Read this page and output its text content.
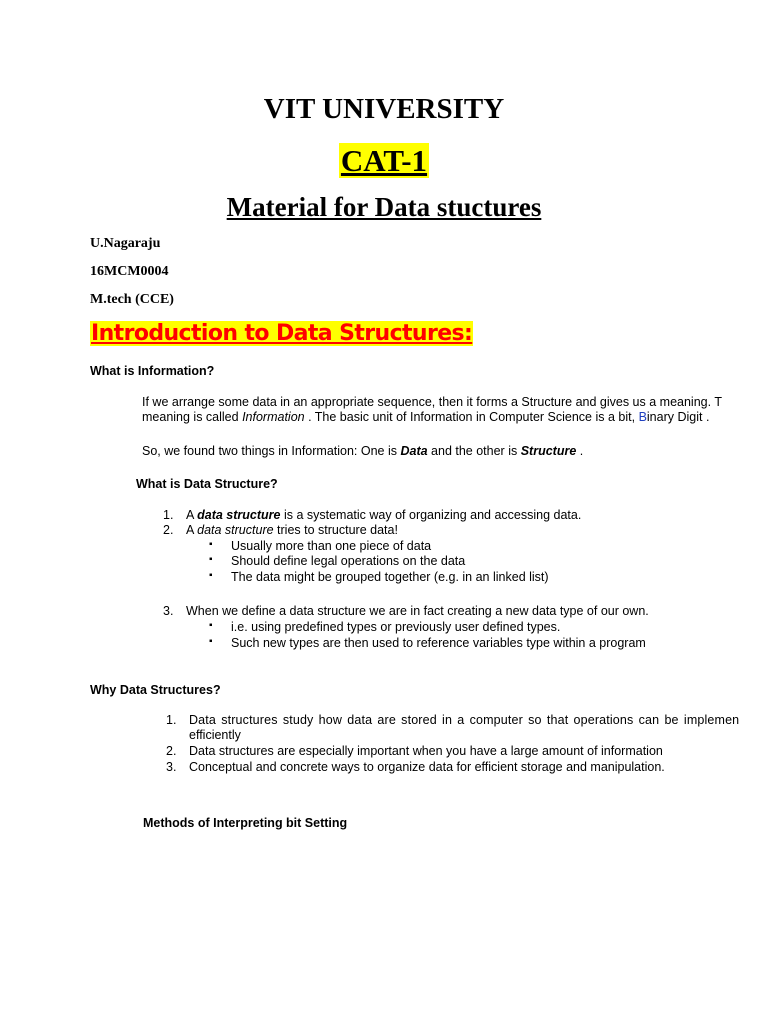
VIT UNIVERSITY
CAT-1
Material for Data stuctures
U.Nagaraju
16MCM0004
M.tech (CCE)
Introduction to Data Structures:
What is Information?
If we arrange some data in an appropriate sequence, then it forms a Structure and gives us a meaning. T
meaning is called Information . The basic unit of Information in Computer Science is a bit, Binary Digit .
So, we found two things in Information: One is Data and the other is Structure .
What is Data Structure?
1. A data structure is a systematic way of organizing and accessing data.
2. A data structure tries to structure data!
▪ Usually more than one piece of data
▪ Should define legal operations on the data
▪ The data might be grouped together (e.g. in an linked list)
3. When we define a data structure we are in fact creating a new data type of our own.
▪ i.e. using predefined types or previously user defined types.
▪ Such new types are then used to reference variables type within a program
Why Data Structures?
1. Data structures study how data are stored in a computer so that operations can be implemen
efficiently
2. Data structures are especially important when you have a large amount of information
3. Conceptual and concrete ways to organize data for efficient storage and manipulation.
Methods of Interpreting bit Setting
